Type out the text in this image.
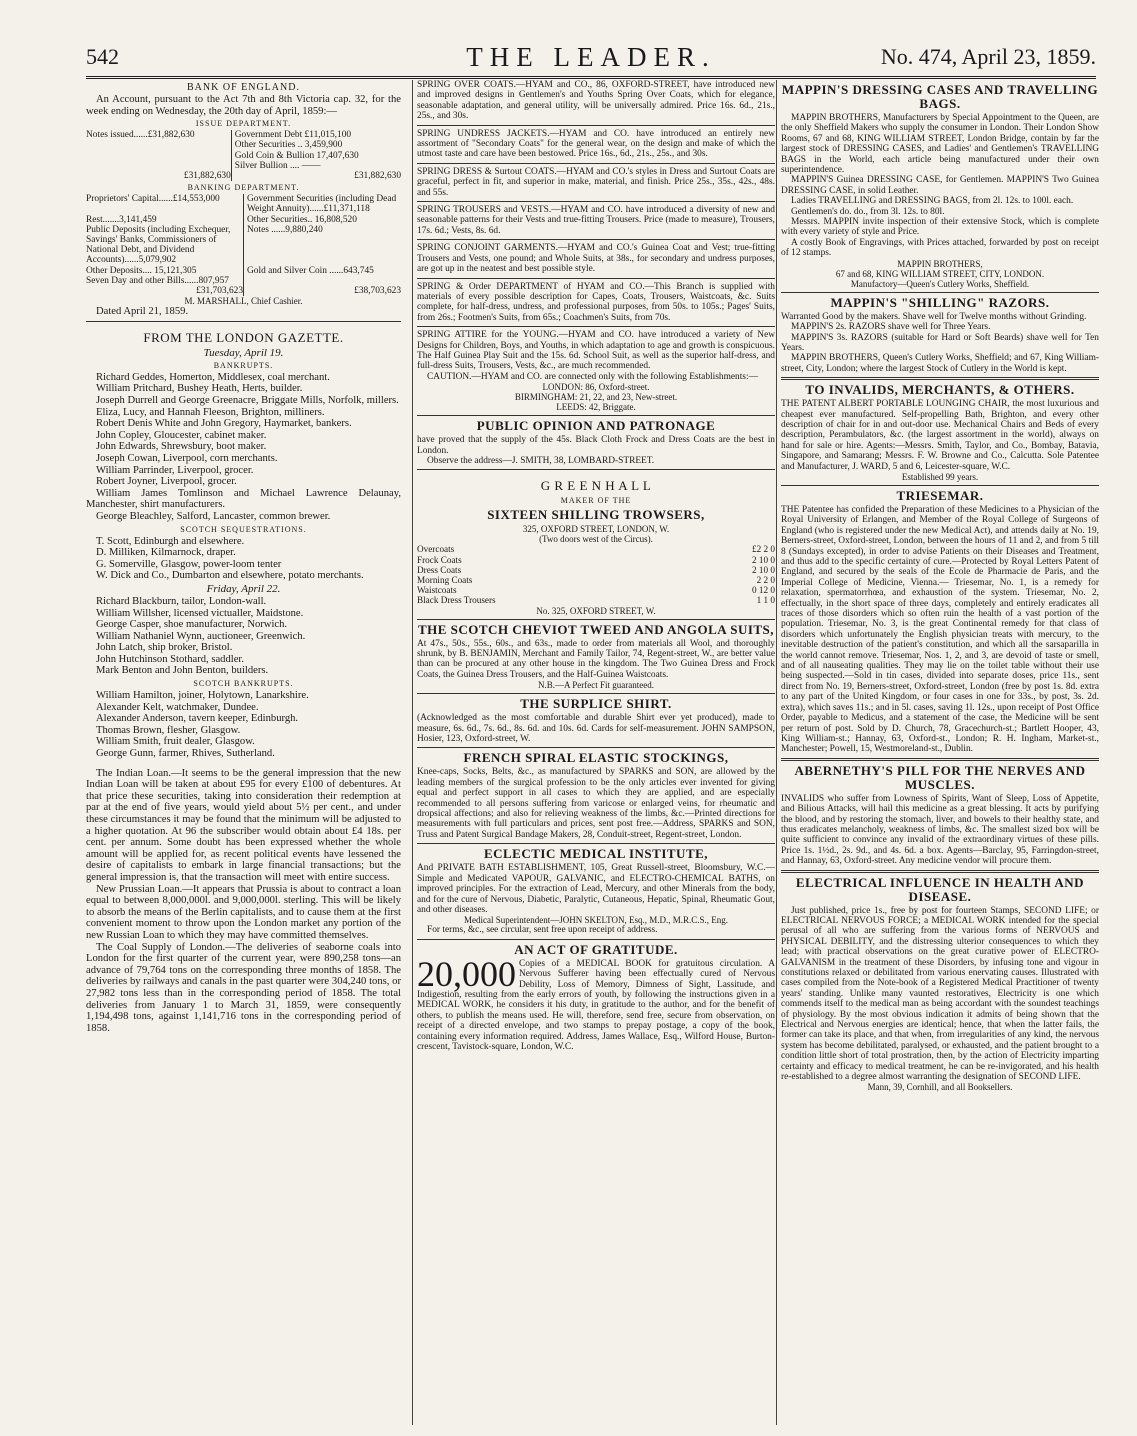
542	THE LEADER.	No. 474, April 23, 1859.
BANK OF ENGLAND.

An Account, pursuant to the Act 7th and 8th Victoria cap. 32, for the week ending on Wednesday, the 20th day of April, 1859:—

ISSUE DEPARTMENT.
Notes issued......£31,882,630	Government Debt £11,015,100
	Other Securities .. 3,459,900
	Gold Coin & Bullion 17,407,630
	Silver Bullion .... ——
£31,882,630	£31,882,630
BANKING DEPARTMENT.
Proprietors' Capital......£14,553,000	Government Securities (including Dead Weight Annuity)......£11,371,118
Rest.......3,141,459	Other Securities.. 16,808,520
Public Deposits (including Exchequer, Savings' Banks, Commissioners of National Debt, and Dividend Accounts)......5,079,902	Notes ......9,880,240
Other Deposits.... 15,121,305	Gold and Silver Coin ......643,745
Seven Day and other Bills......807,957	
£31,703,623	£38,703,623
M. MARSHALL, Chief Cashier.

Dated April 21, 1859.

FROM THE LONDON GAZETTE.
Tuesday, April 19.
BANKRUPTS.

Richard Geddes, Homerton, Middlesex, coal merchant.

William Pritchard, Bushey Heath, Herts, builder.

Joseph Durrell and George Greenacre, Briggate Mills, Norfolk, millers.

Eliza, Lucy, and Hannah Fleeson, Brighton, milliners.

Robert Denis White and John Gregory, Haymarket, bankers.

John Copley, Gloucester, cabinet maker.

John Edwards, Shrewsbury, boot maker.

Joseph Cowan, Liverpool, corn merchants.

William Parrinder, Liverpool, grocer.

Robert Joyner, Liverpool, grocer.

William James Tomlinson and Michael Lawrence Delaunay, Manchester, shirt manufacturers.

George Bleachley, Salford, Lancaster, common brewer.

SCOTCH SEQUESTRATIONS.

T. Scott, Edinburgh and elsewhere.

D. Milliken, Kilmarnock, draper.

G. Somerville, Glasgow, power-loom tenter

W. Dick and Co., Dumbarton and elsewhere, potato merchants.

Friday, April 22.

Richard Blackburn, tailor, London-wall.

William Willsher, licensed victualler, Maidstone.

George Casper, shoe manufacturer, Norwich.

William Nathaniel Wynn, auctioneer, Greenwich.

John Latch, ship broker, Bristol.

John Hutchinson Stothard, saddler.

Mark Benton and John Benton, builders.

SCOTCH BANKRUPTS.

William Hamilton, joiner, Holytown, Lanarkshire.

Alexander Kelt, watchmaker, Dundee.

Alexander Anderson, tavern keeper, Edinburgh.

Thomas Brown, flesher, Glasgow.

William Smith, fruit dealer, Glasgow.

George Gunn, farmer, Rhives, Sutherland.

The Indian Loan.—It seems to be the general impression that the new Indian Loan will be taken at about £95 for every £100 of debentures. At that price these securities, taking into consideration their redemption at par at the end of five years, would yield about 5½ per cent., and under these circumstances it may be found that the minimum will be adjusted to a higher quotation. At 96 the subscriber would obtain about £4 18s. per cent. per annum. Some doubt has been expressed whether the whole amount will be applied for, as recent political events have lessened the desire of capitalists to embark in large financial transactions; but the general impression is, that the transaction will meet with entire success.

New Prussian Loan.—It appears that Prussia is about to contract a loan equal to between 8,000,000l. and 9,000,000l. sterling. This will be likely to absorb the means of the Berlin capitalists, and to cause them at the first convenient moment to throw upon the London market any portion of the new Russian Loan to which they may have committed themselves.

The Coal Supply of London.—The deliveries of seaborne coals into London for the first quarter of the current year, were 890,258 tons—an advance of 79,764 tons on the corresponding three months of 1858. The deliveries by railways and canals in the past quarter were 304,240 tons, or 27,982 tons less than in the corresponding period of 1858. The total deliveries from January 1 to March 31, 1859, were consequently 1,194,498 tons, against 1,141,716 tons in the corresponding period of 1858.

SPRING OVER COATS.—HYAM and CO., 86, OXFORD-STREET, have introduced new and improved designs in Gentlemen's and Youths Spring Over Coats, which for elegance, seasonable adaptation, and general utility, will be universally admired. Price 16s. 6d., 21s., 25s., and 30s.

SPRING UNDRESS JACKETS.—HYAM and CO. have introduced an entirely new assortment of "Secondary Coats" for the general wear, on the design and make of which the utmost taste and care have been bestowed. Price 16s., 6d., 21s., 25s., and 30s.

SPRING DRESS & Surtout COATS.—HYAM and CO.'s styles in Dress and Surtout Coats are graceful, perfect in fit, and superior in make, material, and finish. Price 25s., 35s., 42s., 48s. and 55s.

SPRING TROUSERS and VESTS.—HYAM and CO. have introduced a diversity of new and seasonable patterns for their Vests and true-fitting Trousers. Price (made to measure), Trousers, 17s. 6d.; Vests, 8s. 6d.

SPRING CONJOINT GARMENTS.—HYAM and CO.'s Guinea Coat and Vest; true-fitting Trousers and Vests, one pound; and Whole Suits, at 38s., for secondary and undress purposes, are got up in the neatest and best possible style.

SPRING & Order DEPARTMENT of HYAM and CO.—This Branch is supplied with materials of every possible description for Capes, Coats, Trousers, Waistcoats, &c. Suits complete, for half-dress, undress, and professional purposes, from 50s. to 105s.; Pages' Suits, from 26s.; Footmen's Suits, from 65s.; Coachmen's Suits, from 70s.

SPRING ATTIRE for the YOUNG.—HYAM and CO. have introduced a variety of New Designs for Children, Boys, and Youths, in which adaptation to age and growth is conspicuous. The Half Guinea Play Suit and the 15s. 6d. School Suit, as well as the superior half-dress, and full-dress Suits, Trousers, Vests, &c., are much recommended.

CAUTION.—HYAM and CO. are connected only with the following Establishments:—

LONDON: 86, Oxford-street.
BIRMINGHAM: 21, 22, and 23, New-street.
LEEDS: 42, Briggate.
PUBLIC OPINION AND PATRONAGE

have proved that the supply of the 45s. Black Cloth Frock and Dress Coats are the best in London.

Observe the address—J. SMITH, 38, LOMBARD-STREET.

G R E E N H A L L
MAKER OF THE
SIXTEEN SHILLING TROWSERS,
325, OXFORD STREET, LONDON, W.
(Two doors west of the Circus).
Overcoats	£2 2 0
Frock Coats	2 10 0
Dress Coats	2 10 0
Morning Coats	2 2 0
Waistcoats	0 12 0
Black Dress Trousers	1 1 0
No. 325, OXFORD STREET, W.
THE SCOTCH CHEVIOT TWEED AND ANGOLA SUITS,

At 47s., 50s., 55s., 60s., and 63s., made to order from materials all Wool, and thoroughly shrunk, by B. BENJAMIN, Merchant and Family Tailor, 74, Regent-street, W., are better value than can be procured at any other house in the kingdom. The Two Guinea Dress and Frock Coats, the Guinea Dress Trousers, and the Half-Guinea Waistcoats.

N.B.—A Perfect Fit guaranteed.
THE SURPLICE SHIRT.

(Acknowledged as the most comfortable and durable Shirt ever yet produced), made to measure, 6s. 6d., 7s. 6d., 8s. 6d. and 10s. 6d. Cards for self-measurement. JOHN SAMPSON, Hosier, 123, Oxford-street, W.

FRENCH SPIRAL ELASTIC STOCKINGS,

Knee-caps, Socks, Belts, &c., as manufactured by SPARKS and SON, are allowed by the leading members of the surgical profession to be the only articles ever invented for giving equal and perfect support in all cases to which they are applied, and are especially recommended to all persons suffering from varicose or enlarged veins, for rheumatic and dropsical affections; and also for relieving weakness of the limbs, &c.—Printed directions for measurements with full particulars and prices, sent post free.—Address, SPARKS and SON, Truss and Patent Surgical Bandage Makers, 28, Conduit-street, Regent-street, London.

ECLECTIC MEDICAL INSTITUTE,

And PRIVATE BATH ESTABLISHMENT, 105, Great Russell-street, Bloomsbury, W.C.—Simple and Medicated VAPOUR, GALVANIC, and ELECTRO-CHEMICAL BATHS, on improved principles. For the extraction of Lead, Mercury, and other Minerals from the body, and for the cure of Nervous, Diabetic, Paralytic, Cutaneous, Hepatic, Spinal, Rheumatic Gout, and other diseases.

Medical Superintendent—JOHN SKELTON, Esq., M.D., M.R.C.S., Eng.

For terms, &c., see circular, sent free upon receipt of address.

AN ACT OF GRATITUDE.
20,000 Copies of a MEDICAL BOOK for gratuitous circulation. A Nervous Sufferer having been effectually cured of Nervous Debility, Loss of Memory, Dimness of Sight, Lassitude, and Indigestion, resulting from the early errors of youth, by following the instructions given in a MEDICAL WORK, he considers it his duty, in gratitude to the author, and for the benefit of others, to publish the means used. He will, therefore, send free, secure from observation, on receipt of a directed envelope, and two stamps to prepay postage, a copy of the book, containing every information required. Address, James Wallace, Esq., Wilford House, Burton-crescent, Tavistock-square, London, W.C.

MAPPIN'S DRESSING CASES AND TRAVELLING BAGS.

MAPPIN BROTHERS, Manufacturers by Special Appointment to the Queen, are the only Sheffield Makers who supply the consumer in London. Their London Show Rooms, 67 and 68, KING WILLIAM STREET, London Bridge, contain by far the largest stock of DRESSING CASES, and Ladies' and Gentlemen's TRAVELLING BAGS in the World, each article being manufactured under their own superintendence.

MAPPIN'S Guinea DRESSING CASE, for Gentlemen. MAPPIN'S Two Guinea DRESSING CASE, in solid Leather.

Ladies TRAVELLING and DRESSING BAGS, from 2l. 12s. to 100l. each.

Gentlemen's do. do., from 3l. 12s. to 80l.

Messrs. MAPPIN invite inspection of their extensive Stock, which is complete with every variety of style and Price.

A costly Book of Engravings, with Prices attached, forwarded by post on receipt of 12 stamps.

MAPPIN BROTHERS,
67 and 68, KING WILLIAM STREET, CITY, LONDON.
Manufactory—Queen's Cutlery Works, Sheffield.
MAPPIN'S "SHILLING" RAZORS.

Warranted Good by the makers. Shave well for Twelve months without Grinding.

MAPPIN'S 2s. RAZORS shave well for Three Years.

MAPPIN'S 3s. RAZORS (suitable for Hard or Soft Beards) shave well for Ten Years.

MAPPIN BROTHERS, Queen's Cutlery Works, Sheffield; and 67, King William-street, City, London; where the largest Stock of Cutlery in the World is kept.

TO INVALIDS, MERCHANTS, & OTHERS.

THE PATENT ALBERT PORTABLE LOUNGING CHAIR, the most luxurious and cheapest ever manufactured. Self-propelling Bath, Brighton, and every other description of chair for in and out-door use. Mechanical Chairs and Beds of every description, Perambulators, &c. (the largest assortment in the world), always on hand for sale or hire. Agents:—Messrs. Smith, Taylor, and Co., Bombay, Batavia, Singapore, and Samarang; Messrs. F. W. Browne and Co., Calcutta. Sole Patentee and Manufacturer, J. WARD, 5 and 6, Leicester-square, W.C.

Established 99 years.
TRIESEMAR.

THE Patentee has confided the Preparation of these Medicines to a Physician of the Royal University of Erlangen, and Member of the Royal College of Surgeons of England (who is registered under the new Medical Act), and attends daily at No. 19, Berners-street, Oxford-street, London, between the hours of 11 and 2, and from 5 till 8 (Sundays excepted), in order to advise Patients on their Diseases and Treatment, and thus add to the specific certainty of cure.—Protected by Royal Letters Patent of England, and secured by the seals of the Ecole de Pharmacie de Paris, and the Imperial College of Medicine, Vienna.— Triesemar, No. 1, is a remedy for relaxation, spermatorrhœa, and exhaustion of the system. Triesemar, No. 2, effectually, in the short space of three days, completely and entirely eradicates all traces of those disorders which so often ruin the health of a vast portion of the population. Triesemar, No. 3, is the great Continental remedy for that class of disorders which unfortunately the English physician treats with mercury, to the inevitable destruction of the patient's constitution, and which all the sarsaparilla in the world cannot remove. Triesemar, Nos. 1, 2, and 3, are devoid of taste or smell, and of all nauseating qualities. They may lie on the toilet table without their use being suspected.—Sold in tin cases, divided into separate doses, price 11s., sent direct from No. 19, Berners-street, Oxford-street, London (free by post 1s. 8d. extra to any part of the United Kingdom, or four cases in one for 33s., by post, 3s. 2d. extra), which saves 11s.; and in 5l. cases, saving 1l. 12s., upon receipt of Post Office Order, payable to Medicus, and a statement of the case, the Medicine will be sent per return of post. Sold by D. Church, 78, Gracechurch-st.; Bartlett Hooper, 43, King William-st.; Hannay, 63, Oxford-st., London; R. H. Ingham, Market-st., Manchester; Powell, 15, Westmoreland-st., Dublin.

ABERNETHY'S PILL FOR THE NERVES AND MUSCLES.

INVALIDS who suffer from Lowness of Spirits, Want of Sleep, Loss of Appetite, and Bilious Attacks, will hail this medicine as a great blessing. It acts by purifying the blood, and by restoring the stomach, liver, and bowels to their healthy state, and thus eradicates melancholy, weakness of limbs, &c. The smallest sized box will be quite sufficient to convince any invalid of the extraordinary virtues of these pills. Price 1s. 1½d., 2s. 9d., and 4s. 6d. a box. Agents—Barclay, 95, Farringdon-street, and Hannay, 63, Oxford-street. Any medicine vendor will procure them.

ELECTRICAL INFLUENCE IN HEALTH AND DISEASE.

Just published, price 1s., free by post for fourteen Stamps, SECOND LIFE; or ELECTRICAL NERVOUS FORCE; a MEDICAL WORK intended for the special perusal of all who are suffering from the various forms of NERVOUS and PHYSICAL DEBILITY, and the distressing ulterior consequences to which they lead; with practical observations on the great curative power of ELECTRO-GALVANISM in the treatment of these Disorders, by infusing tone and vigour in constitutions relaxed or debilitated from various enervating causes. Illustrated with cases compiled from the Note-book of a Registered Medical Practitioner of twenty years' standing. Unlike many vaunted restoratives, Electricity is one which commends itself to the medical man as being accordant with the soundest teachings of physiology. By the most obvious indication it admits of being shown that the Electrical and Nervous energies are identical; hence, that when the latter fails, the former can take its place, and that when, from irregularities of any kind, the nervous system has become debilitated, paralysed, or exhausted, and the patient brought to a condition little short of total prostration, then, by the action of Electricity imparting certainty and efficacy to medical treatment, he can be re-invigorated, and his health re-established to a degree almost warranting the designation of SECOND LIFE.

Mann, 39, Cornhill, and all Booksellers.
